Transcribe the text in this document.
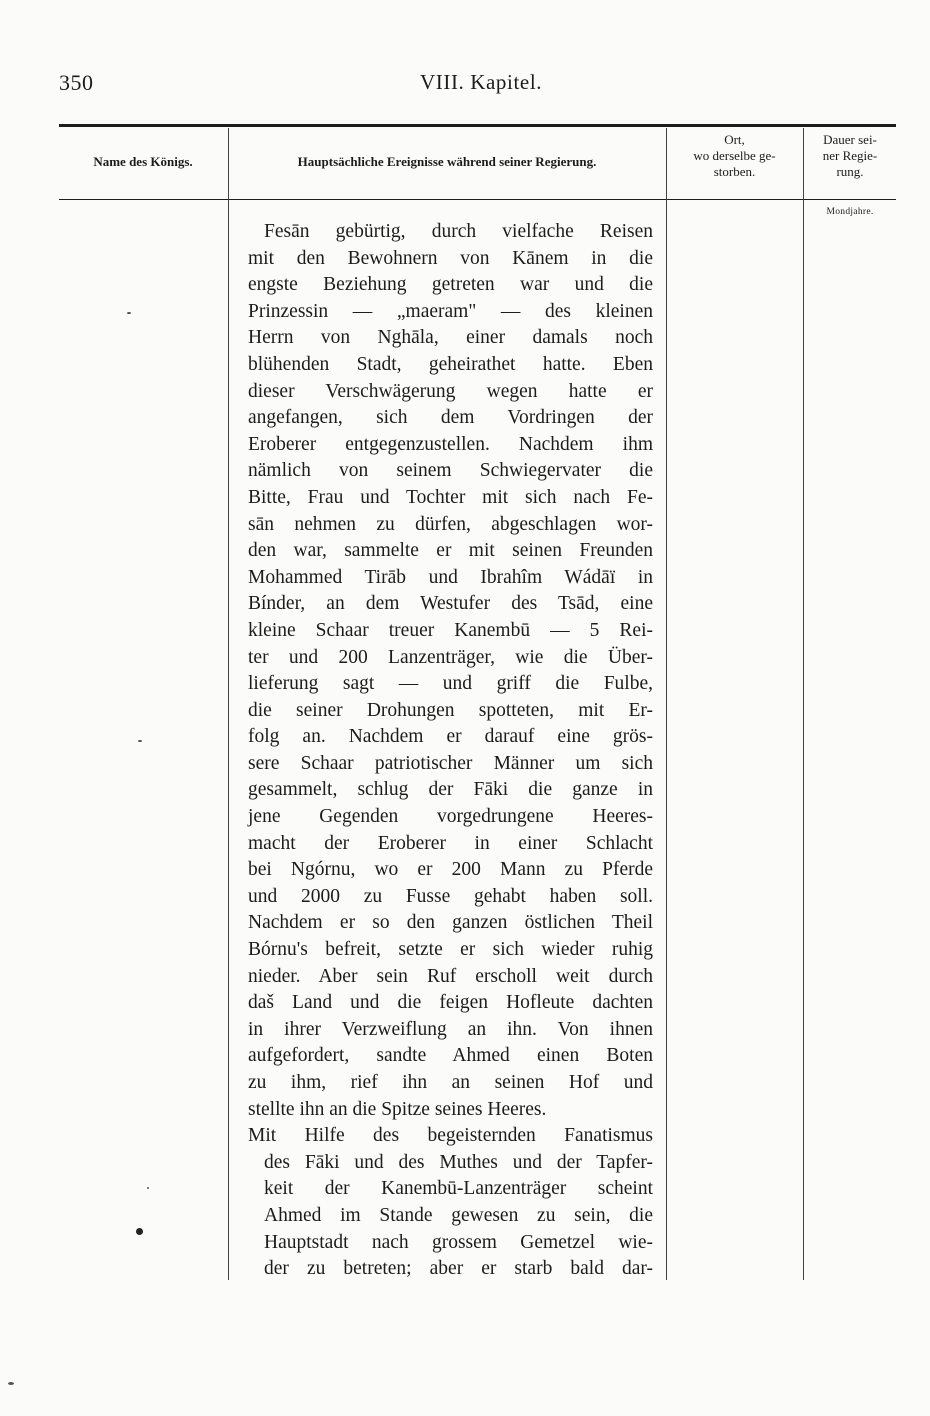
350	VIII. Kapitel.
Name des Königs.	Hauptsächliche Ereignisse während seiner Regierung.
Ort,
wo derselbe ge-
storben.
Dauer sei-
ner Regie-
rung.
Mondjahre.
Fesān gebürtig, durch vielfache Reisen
mit den Bewohnern von Kānem in die
engste Beziehung getreten war und die
Prinzessin — „maeram" — des kleinen
Herrn von Nghāla, einer damals noch
blühenden Stadt, geheirathet hatte. Eben
dieser Verschwägerung wegen hatte er
angefangen, sich dem Vordringen der
Eroberer entgegenzustellen. Nachdem ihm
nämlich von seinem Schwiegervater die
Bitte, Frau und Tochter mit sich nach Fe-
sān nehmen zu dürfen, abgeschlagen wor-
den war, sammelte er mit seinen Freunden
Mohammed Tirāb und Ibrahîm Wádāï in
Bínder, an dem Westufer des Tsād, eine
kleine Schaar treuer Kanembū — 5 Rei-
ter und 200 Lanzenträger, wie die Über-
lieferung sagt — und griff die Fulbe,
die seiner Drohungen spotteten, mit Er-
folg an. Nachdem er darauf eine grös-
sere Schaar patriotischer Männer um sich
gesammelt, schlug der Fāki die ganze in
jene Gegenden vorgedrungene Heeres-
macht der Eroberer in einer Schlacht
bei Ngórnu, wo er 200 Mann zu Pferde
und 2000 zu Fusse gehabt haben soll.
Nachdem er so den ganzen östlichen Theil
Bórnu's befreit, setzte er sich wieder ruhig
nieder. Aber sein Ruf erscholl weit durch
daš Land und die feigen Hofleute dachten
in ihrer Verzweiflung an ihn. Von ihnen
aufgefordert, sandte Ahmed einen Boten
zu ihm, rief ihn an seinen Hof und
stellte ihn an die Spitze seines Heeres.
Mit Hilfe des begeisternden Fanatismus
des Fāki und des Muthes und der Tapfer-
keit der Kanembū-Lanzenträger scheint
Ahmed im Stande gewesen zu sein, die
Hauptstadt nach grossem Gemetzel wie-
der zu betreten; aber er starb bald dar-
